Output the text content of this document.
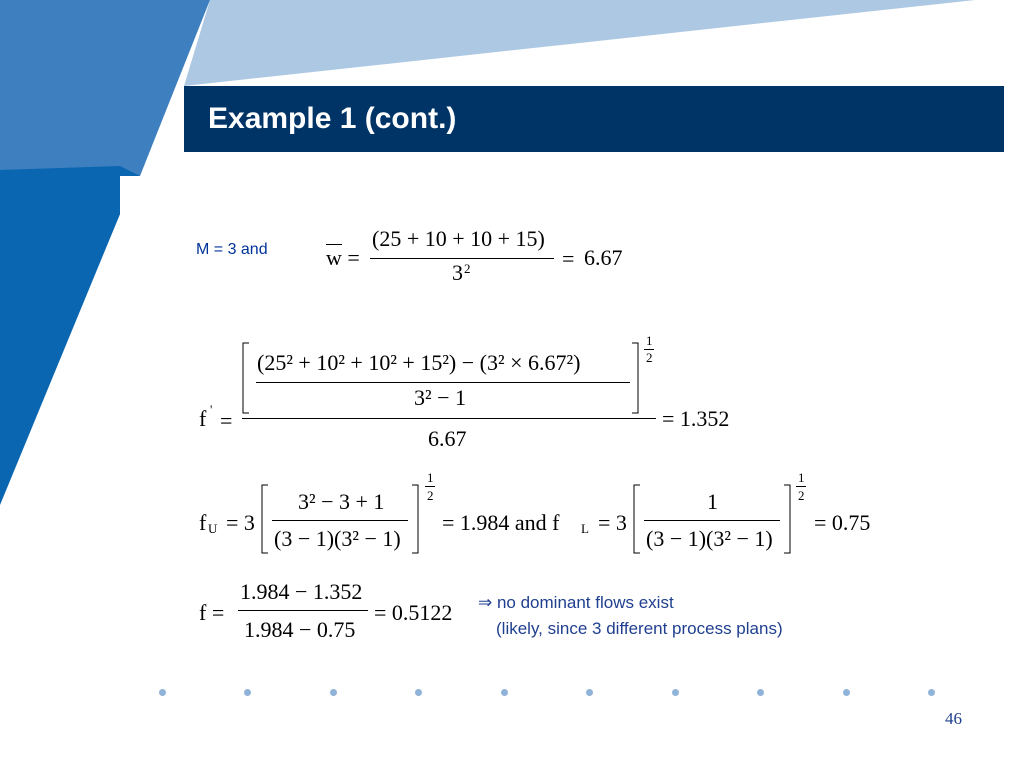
Example 1 (cont.)
M = 3 and	w =
(25 + 10 + 10 + 15)
3 2	= 6.67
(25² + 10² + 10² + 15²) − (3² × 6.67²)
3² − 1
1
2
f ' =
6.67
= 1.352
f U = 3
3² − 3 + 1
(3 − 1)(3² − 1)
1
2
= 1.984 and f L = 3
1
(3 − 1)(3² − 1)
1
2
= 0.75
f =
1.984 − 1.352
1.984 − 0.75
= 0.5122 ⇒ no dominant flows exist
(likely, since 3 different process plans)
46
